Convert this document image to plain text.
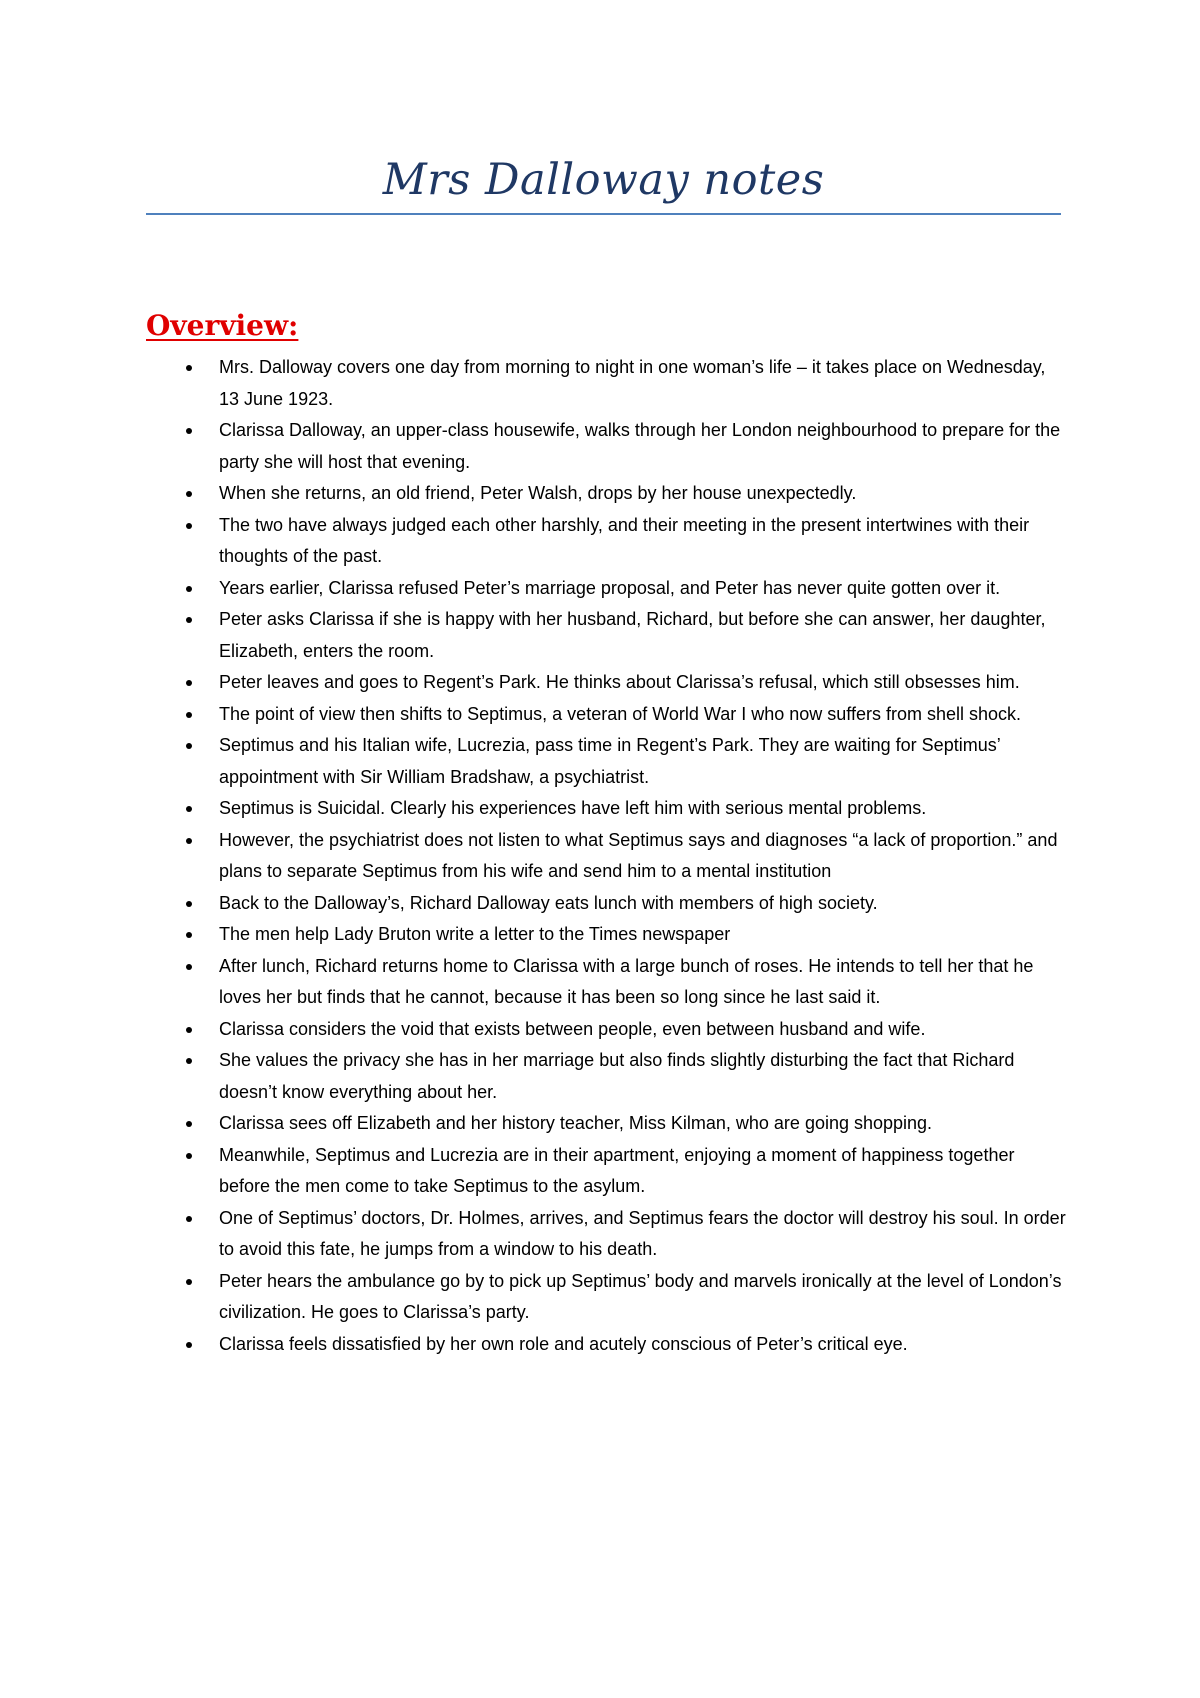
Mrs Dalloway notes
Overview:
Mrs. Dalloway covers one day from morning to night in one woman’s life – it takes place on Wednesday, 13 June 1923.
Clarissa Dalloway, an upper-class housewife, walks through her London neighbourhood to prepare for the party she will host that evening.
When she returns, an old friend, Peter Walsh, drops by her house unexpectedly.
The two have always judged each other harshly, and their meeting in the present intertwines with their thoughts of the past.
Years earlier, Clarissa refused Peter’s marriage proposal, and Peter has never quite gotten over it.
Peter asks Clarissa if she is happy with her husband, Richard, but before she can answer, her daughter, Elizabeth, enters the room.
Peter leaves and goes to Regent’s Park. He thinks about Clarissa’s refusal, which still obsesses him.
The point of view then shifts to Septimus, a veteran of World War I who now suffers from shell shock.
Septimus and his Italian wife, Lucrezia, pass time in Regent’s Park. They are waiting for Septimus’ appointment with Sir William Bradshaw, a psychiatrist.
Septimus is Suicidal. Clearly his experiences have left him with serious mental problems.
However, the psychiatrist does not listen to what Septimus says and diagnoses “a lack of proportion.” and plans to separate Septimus from his wife and send him to a mental institution
Back to the Dalloway’s, Richard Dalloway eats lunch with members of high society.
The men help Lady Bruton write a letter to the Times newspaper
After lunch, Richard returns home to Clarissa with a large bunch of roses. He intends to tell her that he loves her but finds that he cannot, because it has been so long since he last said it.
Clarissa considers the void that exists between people, even between husband and wife.
She values the privacy she has in her marriage but also finds slightly disturbing the fact that Richard doesn’t know everything about her.
Clarissa sees off Elizabeth and her history teacher, Miss Kilman, who are going shopping.
Meanwhile, Septimus and Lucrezia are in their apartment, enjoying a moment of happiness together before the men come to take Septimus to the asylum.
One of Septimus’ doctors, Dr. Holmes, arrives, and Septimus fears the doctor will destroy his soul. In order to avoid this fate, he jumps from a window to his death.
Peter hears the ambulance go by to pick up Septimus’ body and marvels ironically at the level of London’s civilization. He goes to Clarissa’s party.
Clarissa feels dissatisfied by her own role and acutely conscious of Peter’s critical eye.
